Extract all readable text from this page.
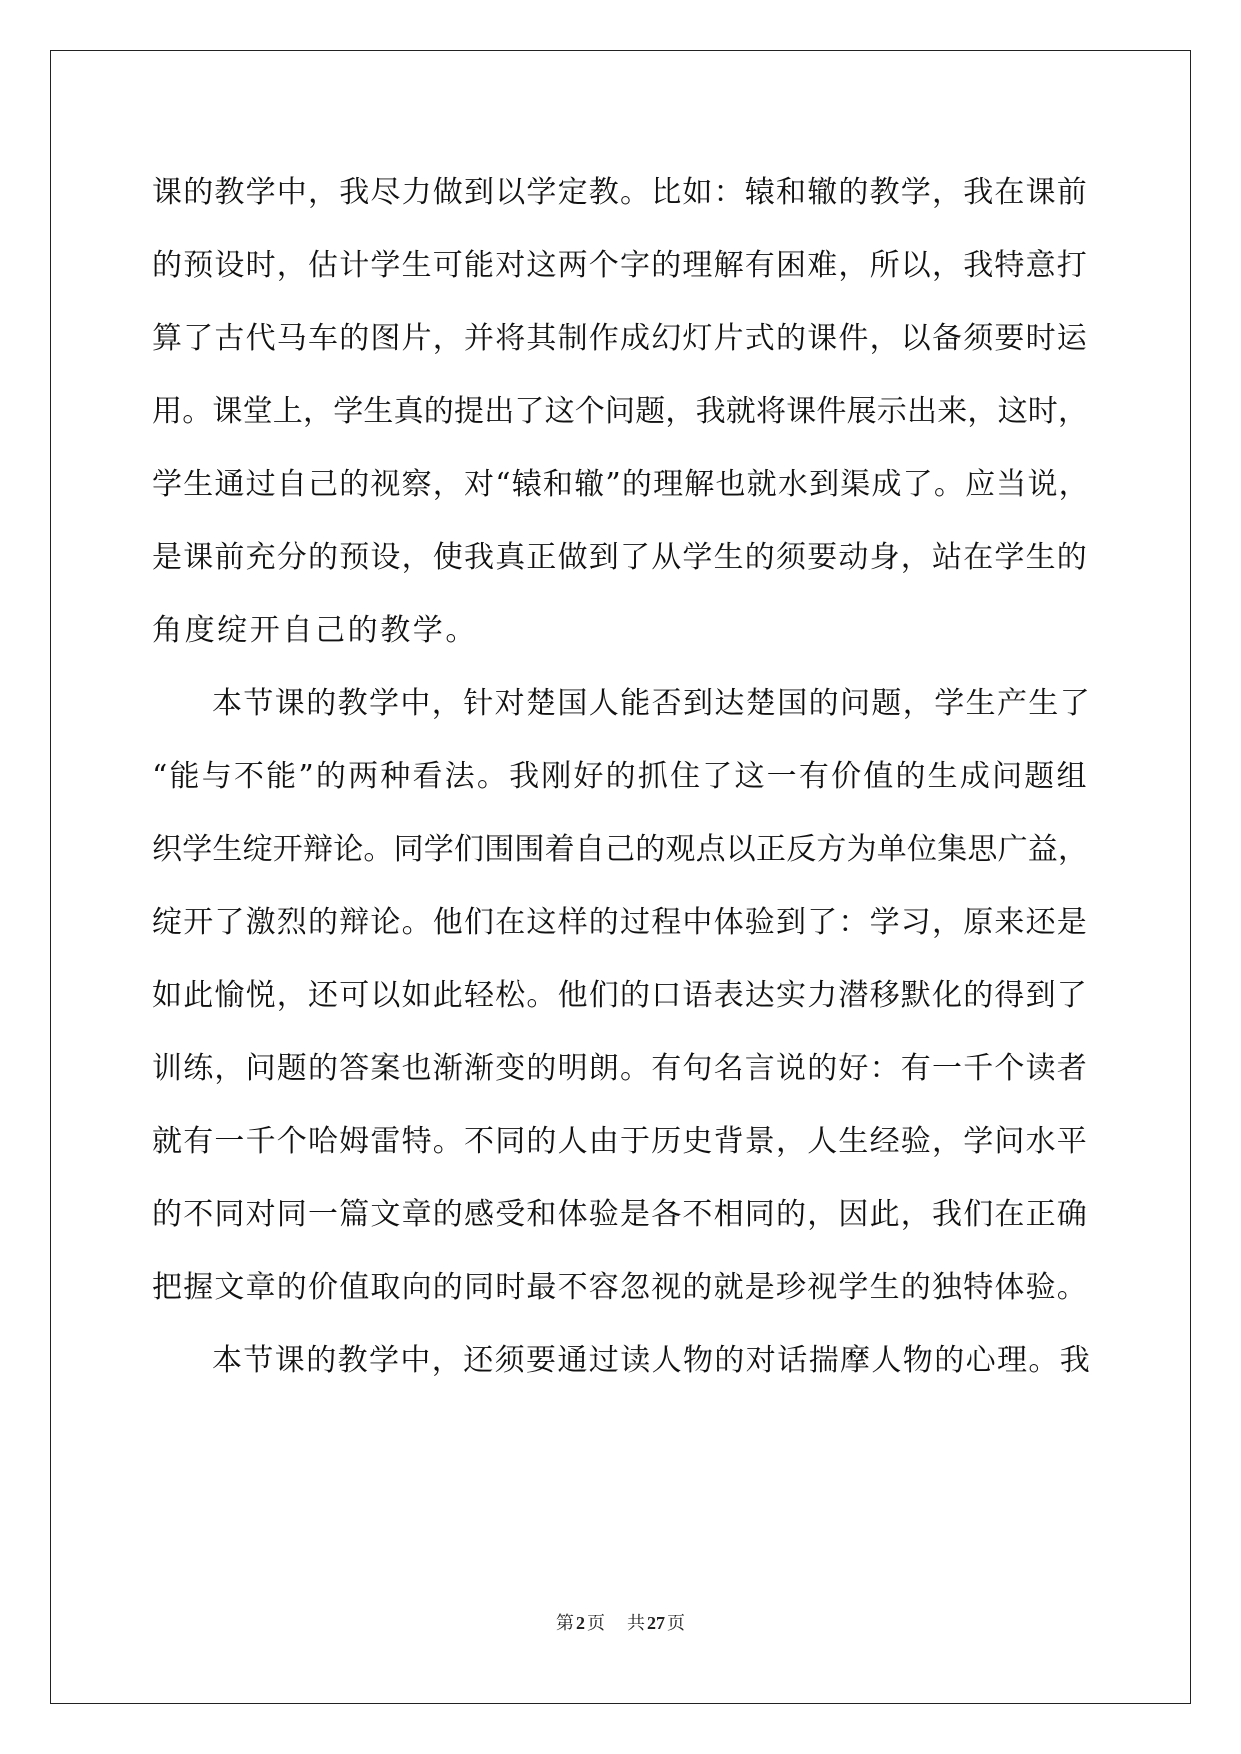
课的教学中，我尽力做到以学定教。比如：辕和辙的教学，我在课前
的预设时，估计学生可能对这两个字的理解有困难，所以，我特意打
算了古代马车的图片，并将其制作成幻灯片式的课件，以备须要时运
用。课堂上，学生真的提出了这个问题，我就将课件展示出来，这时，
学生通过自己的视察，对“辕和辙”的理解也就水到渠成了。应当说，
是课前充分的预设，使我真正做到了从学生的须要动身，站在学生的
角度绽开自己的教学。
本节课的教学中，针对楚国人能否到达楚国的问题，学生产生了
“能与不能”的两种看法。我刚好的抓住了这一有价值的生成问题组
织学生绽开辩论。同学们围围着自己的观点以正反方为单位集思广益，
绽开了激烈的辩论。他们在这样的过程中体验到了：学习，原来还是
如此愉悦，还可以如此轻松。他们的口语表达实力潜移默化的得到了
训练，问题的答案也渐渐变的明朗。有句名言说的好：有一千个读者
就有一千个哈姆雷特。不同的人由于历史背景，人生经验，学问水平
的不同对同一篇文章的感受和体验是各不相同的，因此，我们在正确
把握文章的价值取向的同时最不容忽视的就是珍视学生的独特体验。
本节课的教学中，还须要通过读人物的对话揣摩人物的心理。我
第 2 页 共 27 页
